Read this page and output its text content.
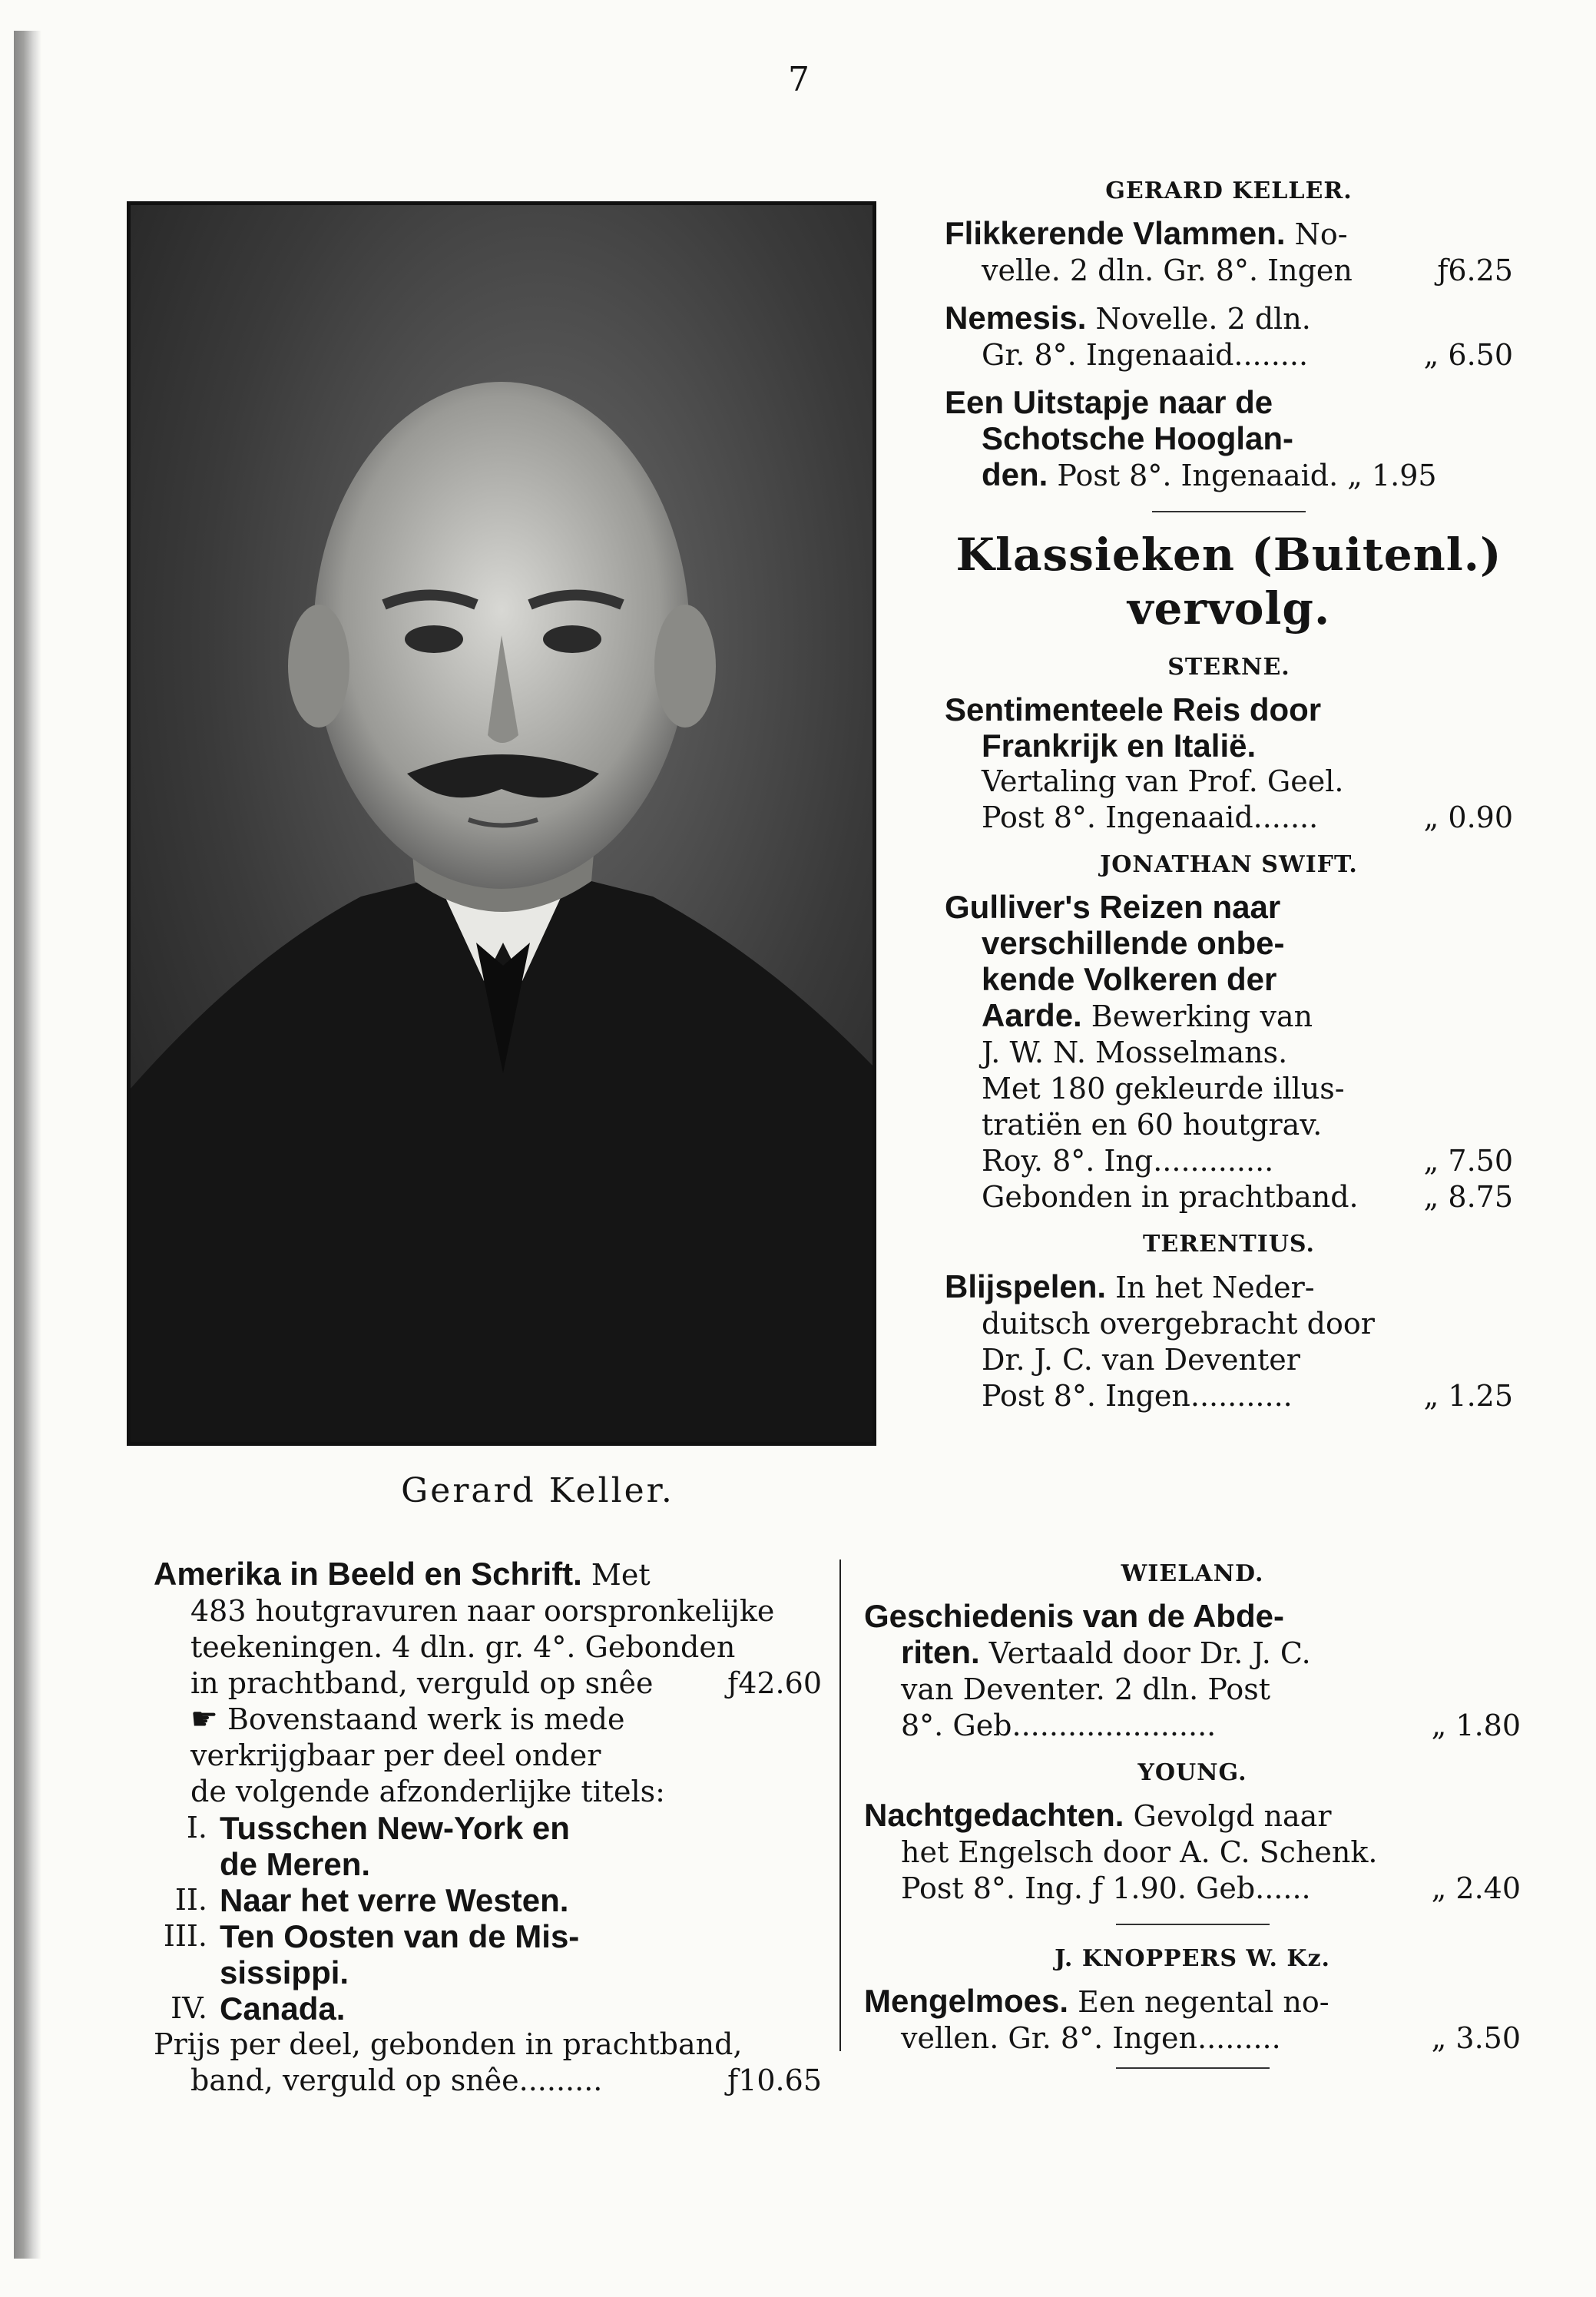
7
Gerard Keller.
GERARD KELLER.
Flikkerende Vlammen. No-
velle. 2 dln. Gr. 8°. Ingen	ƒ6.25
Nemesis. Novelle. 2 dln.
Gr. 8°. Ingenaaid........	„ 6.50
Een Uitstapje naar de
Schotsche Hooglan-
den. Post 8°. Ingenaaid. „ 1.95
Klassieken (Buitenl.)
vervolg.
STERNE.
Sentimenteele Reis door
Frankrijk en Italië.
Vertaling van Prof. Geel.
Post 8°. Ingenaaid.......	„ 0.90
JONATHAN SWIFT.
Gulliver's Reizen naar
verschillende onbe-
kende Volkeren der
Aarde. Bewerking van
J. W. N. Mosselmans.
Met 180 gekleurde illus-
tratiën en 60 houtgrav.
Roy. 8°. Ing.............	„ 7.50
Gebonden in prachtband. „ 8.75
TERENTIUS.
Blijspelen. In het Neder-
duitsch overgebracht door
Dr. J. C. van Deventer
Post 8°. Ingen...........	„ 1.25
Amerika in Beeld en Schrift. Met
483 houtgravuren naar oorspronkelijke
teekeningen. 4 dln. gr. 4°. Gebonden
in prachtband, verguld op snêe	ƒ42.60
☛ Bovenstaand werk is mede
verkrijgbaar per deel onder
de volgende afzonderlijke titels:
I. Tusschen New-York en
de Meren.
II. Naar het verre Westen.
III. Ten Oosten van de Mis-
sissippi.
IV. Canada.
Prijs per deel, gebonden in prachtband,
band, verguld op snêe.........	ƒ10.65
WIELAND.
Geschiedenis van de Abde-
riten. Vertaald door Dr. J. C.
van Deventer. 2 dln. Post
8°. Geb......................	„ 1.80
YOUNG.
Nachtgedachten. Gevolgd naar
het Engelsch door A. C. Schenk.
Post 8°. Ing. ƒ 1.90. Geb......	„ 2.40
J. KNOPPERS W. Kz.
Mengelmoes. Een negental no-
vellen. Gr. 8°. Ingen.........	„ 3.50
